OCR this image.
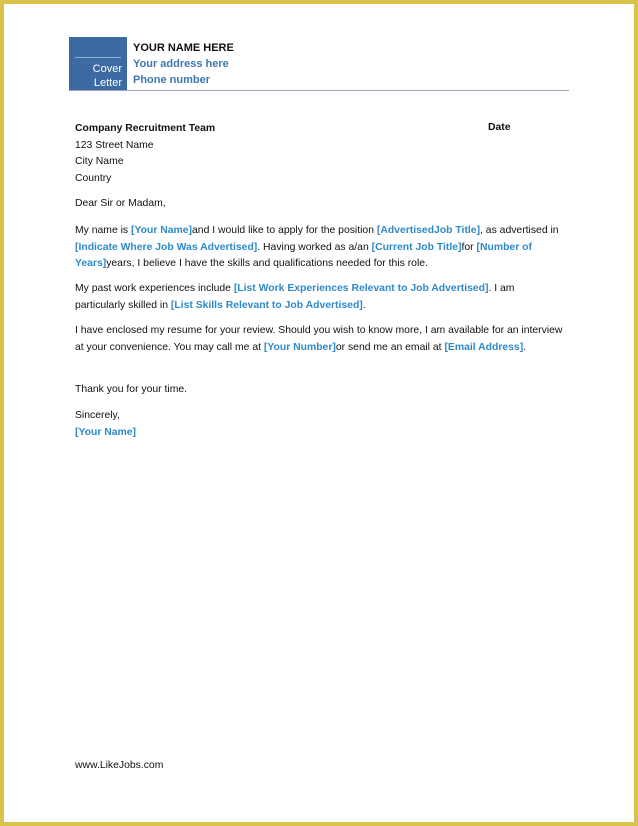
Cover
Letter
YOUR NAME HERE
Your address here
Phone number
Company Recruitment Team
123 Street Name
City Name
Country
Date
Dear Sir or Madam,
My name is [Your Name]and I would like to apply for the position [AdvertisedJob Title], as advertised in [Indicate Where Job Was Advertised]. Having worked as a/an [Current Job Title]for [Number of Years]years, I believe I have the skills and qualifications needed for this role.
My past work experiences include [List Work Experiences Relevant to Job Advertised]. I am particularly skilled in [List Skills Relevant to Job Advertised].
I have enclosed my resume for your review. Should you wish to know more, I am available for an interview at your convenience. You may call me at [Your Number]or send me an email at [Email Address].
Thank you for your time.
Sincerely,
[Your Name]
www.LikeJobs.com
